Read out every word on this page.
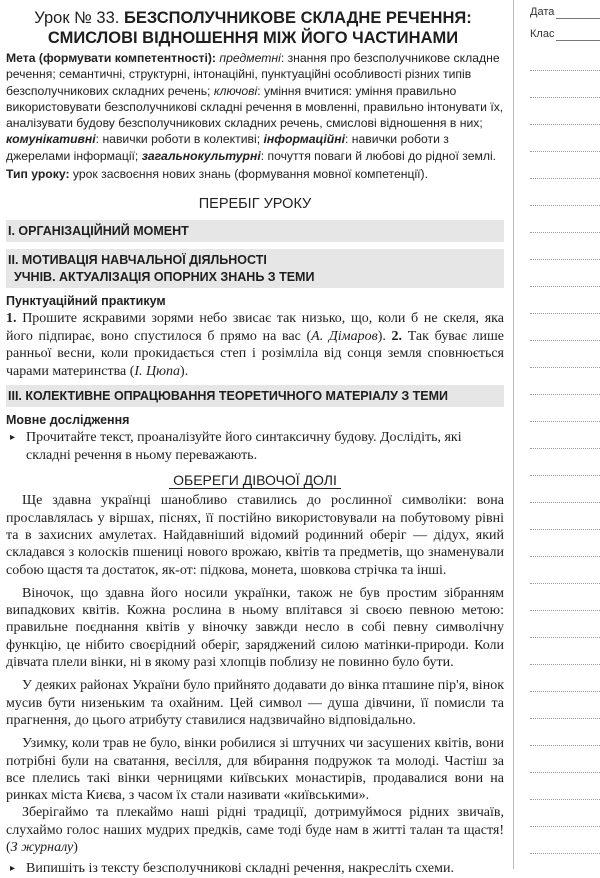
Урок № 33. БЕЗСПОЛУЧНИКОВЕ СКЛАДНЕ РЕЧЕННЯ:
СМИСЛОВІ ВІДНОШЕННЯ МІЖ ЙОГО ЧАСТИНАМИ
Дата
Клас

Мета (формувати компетентності): предметні: знання про безсполучникове складне речення; семантичні, структурні, інтонаційні, пунктуаційні особливості різних типів безсполучникових складних речень; ключові: уміння вчитися: уміння правильно використовувати безсполучникові складні речення в мовленні, правильно інтонувати їх, аналізувати будову безсполучникових складних речень, смислові відношення в них; комунікативні: навички роботи в колективі; інформаційні: навички роботи з джерелами інформації; загальнокультурні: почуття поваги й любові до рідної землі.

Тип уроку: урок засвоєння нових знань (формування мовної компетенції).

ПЕРЕБІГ УРОКУ
I. ОРГАНІЗАЦІЙНИЙ МОМЕНТ
II. МОТИВАЦІЯ НАВЧАЛЬНОЇ ДІЯЛЬНОСТІ
УЧНІВ. АКТУАЛІЗАЦІЯ ОПОРНИХ ЗНАНЬ З ТЕМИ
Пунктуаційний практикум

1. Прошите яскравими зорями небо звисає так низько, що, коли б не скеля, яка його підпирає, воно спустилося б прямо на вас (А. Дімаров). 2. Так буває лише ранньої весни, коли прокидається степ і розімліла від сонця земля сповнюється чарами материнства (І. Цюпа).

III. КОЛЕКТИВНЕ ОПРАЦЮВАННЯ ТЕОРЕТИЧНОГО МАТЕРІАЛУ З ТЕМИ
Мовне дослідження

▸ Прочитайте текст, проаналізуйте його синтаксичну будову. Дослідіть, які складні речення в ньому переважають.

ОБЕРЕГИ ДІВОЧОЇ ДОЛІ

Ще здавна українці шанобливо ставились до рослинної символіки: вона прославлялась у віршах, піснях, її постійно використовували на побутовому рівні та в захисних амулетах. Найдавніший відомий родинний оберіг — дідух, який складався з колосків пшениці нового врожаю, квітів та предметів, що знаменували собою щастя та достаток, як-от: підкова, монета, шовкова стрічка та інші.

Віночок, що здавна його носили українки, також не був простим зібранням випадкових квітів. Кожна рослина в ньому вплітався зі своєю певною метою: правильне поєднання квітів у віночку завжди несло в собі певну символічну функцію, це нібито своєрідний оберіг, заряджений силою матінки-природи. Коли дівчата плели вінки, ні в якому разі хлопців поблизу не повинно було бути.

У деяких районах України було прийнято додавати до вінка пташине пір'я, вінок мусив бути низеньким та охайним. Цей символ — душа дівчини, її помисли та прагнення, до цього атрибуту ставилися надзвичайно відповідально.

Узимку, коли трав не було, вінки робилися зі штучних чи засушених квітів, вони потрібні були на сватання, весілля, для вбирання подружок та молоді. Частіш за все плелись такі вінки черницями київських монастирів, продавалися вони на ринках міста Києва, з часом їх стали називати «київськими».

Зберігаймо та плекаймо наші рідні традиції, дотримуймося рідних звичаїв, слухаймо голос наших мудрих предків, саме тоді буде нам в житті талан та щастя! (З журналу)

▸ Випишіть із тексту безсполучникові складні речення, накресліть схеми.
